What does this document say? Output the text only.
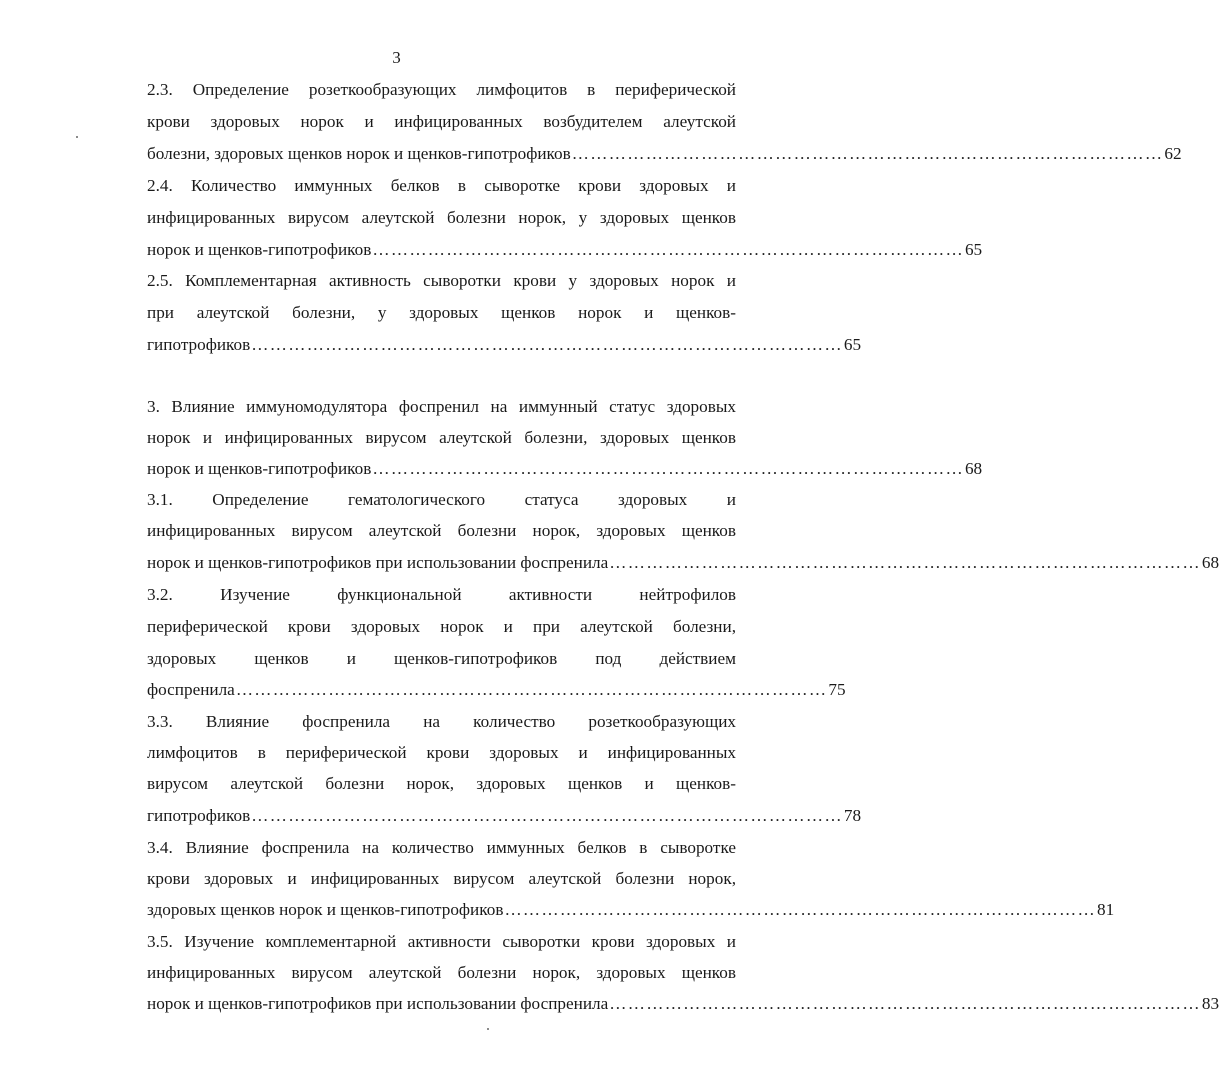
3
2.3. Определение розеткообразующих лимфоцитов в периферической
крови здоровых норок и инфицированных возбудителем алеутской
болезни, здоровых щенков норок и щенков-гипотрофиков …………………………………………………………………………………… 62
2.4. Количество иммунных белков в сыворотке крови здоровых и
инфицированных вирусом алеутской болезни норок, у здоровых щенков
норок и щенков-гипотрофиков …………………………………………………………………………………… 65
2.5. Комплементарная активность сыворотки крови у здоровых норок и
при алеутской болезни, у здоровых щенков норок и щенков-
гипотрофиков …………………………………………………………………………………… 65
3. Влияние иммуномодулятора фоспренил на иммунный статус здоровых
норок и инфицированных вирусом алеутской болезни, здоровых щенков
норок и щенков-гипотрофиков …………………………………………………………………………………… 68
3.1. Определение гематологического статуса здоровых и
инфицированных вирусом алеутской болезни норок, здоровых щенков
норок и щенков-гипотрофиков при использовании фоспренила …………………………………………………………………………………… 68
3.2. Изучение функциональной активности нейтрофилов
периферической крови здоровых норок и при алеутской болезни,
здоровых щенков и щенков-гипотрофиков под действием
фоспренила …………………………………………………………………………………… 75
3.3. Влияние фоспренила на количество розеткообразующих
лимфоцитов в периферической крови здоровых и инфицированных
вирусом алеутской болезни норок, здоровых щенков и щенков-
гипотрофиков …………………………………………………………………………………… 78
3.4. Влияние фоспренила на количество иммунных белков в сыворотке
крови здоровых и инфицированных вирусом алеутской болезни норок,
здоровых щенков норок и щенков-гипотрофиков …………………………………………………………………………………… 81
3.5. Изучение комплементарной активности сыворотки крови здоровых и
инфицированных вирусом алеутской болезни норок, здоровых щенков
норок и щенков-гипотрофиков при использовании фоспренила …………………………………………………………………………………… 83
